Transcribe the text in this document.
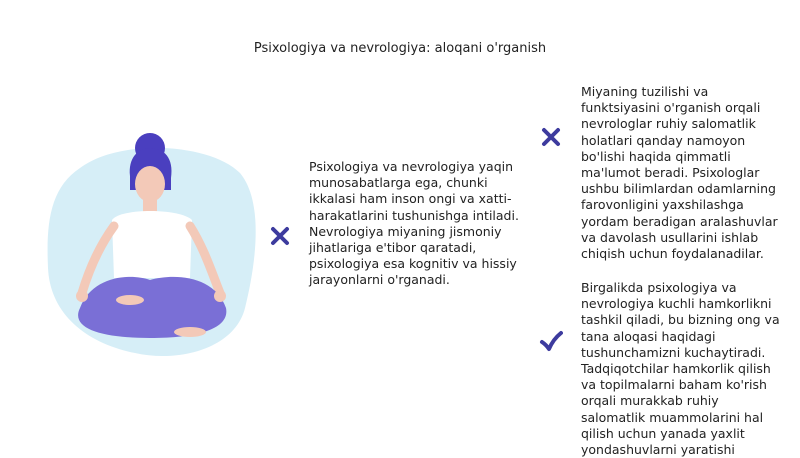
Psixologiya va nevrologiya: aloqani o'rganish
Psixologiya va nevrologiya yaqin munosabatlarga ega, chunki ikkalasi ham inson ongi va xatti-harakatlarini tushunishga intiladi. Nevrologiya miyaning jismoniy jihatlariga e'tibor qaratadi, psixologiya esa kognitiv va hissiy jarayonlarni o'rganadi.
Miyaning tuzilishi va funktsiyasini o'rganish orqali nevrologlar ruhiy salomatlik holatlari qanday namoyon bo'lishi haqida qimmatli ma'lumot beradi. Psixologlar ushbu bilimlardan odamlarning farovonligini yaxshilashga yordam beradigan aralashuvlar va davolash usullarini ishlab chiqish uchun foydalanadilar.
Birgalikda psixologiya va nevrologiya kuchli hamkorlikni tashkil qiladi, bu bizning ong va tana aloqasi haqidagi tushunchamizni kuchaytiradi. Tadqiqotchilar hamkorlik qilish va topilmalarni baham ko'rish orqali murakkab ruhiy salomatlik muammolarini hal qilish uchun yanada yaxlit yondashuvlarni yaratishi
